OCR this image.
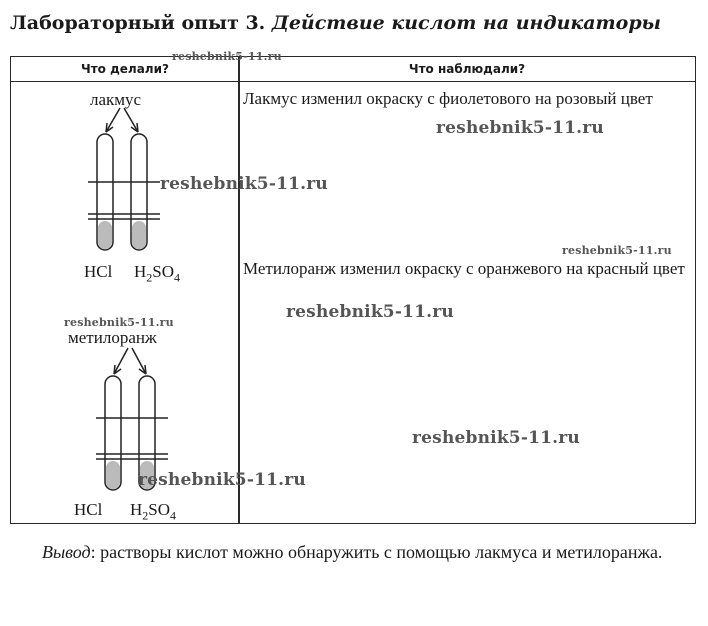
Лабораторный опыт 3. Действие кислот на индикаторы
Что делали?	Что наблюдали?
Лакмус изменил окраску с фиолетового на розовый цвет
Метилоранж изменил окраску с оранжевого на красный цвет
лакмус
HCl $H_2SO_4$
метилоранж
HCl $H_2SO_4$
Вывод: растворы кислот можно обнаружить с помощью лакмуса и метилоранжа.
reshebnik5-11.ru
reshebnik5-11.ru
reshebnik5-11.ru
reshebnik5-11.ru
reshebnik5-11.ru
reshebnik5-11.ru
reshebnik5-11.ru
reshebnik5-11.ru
